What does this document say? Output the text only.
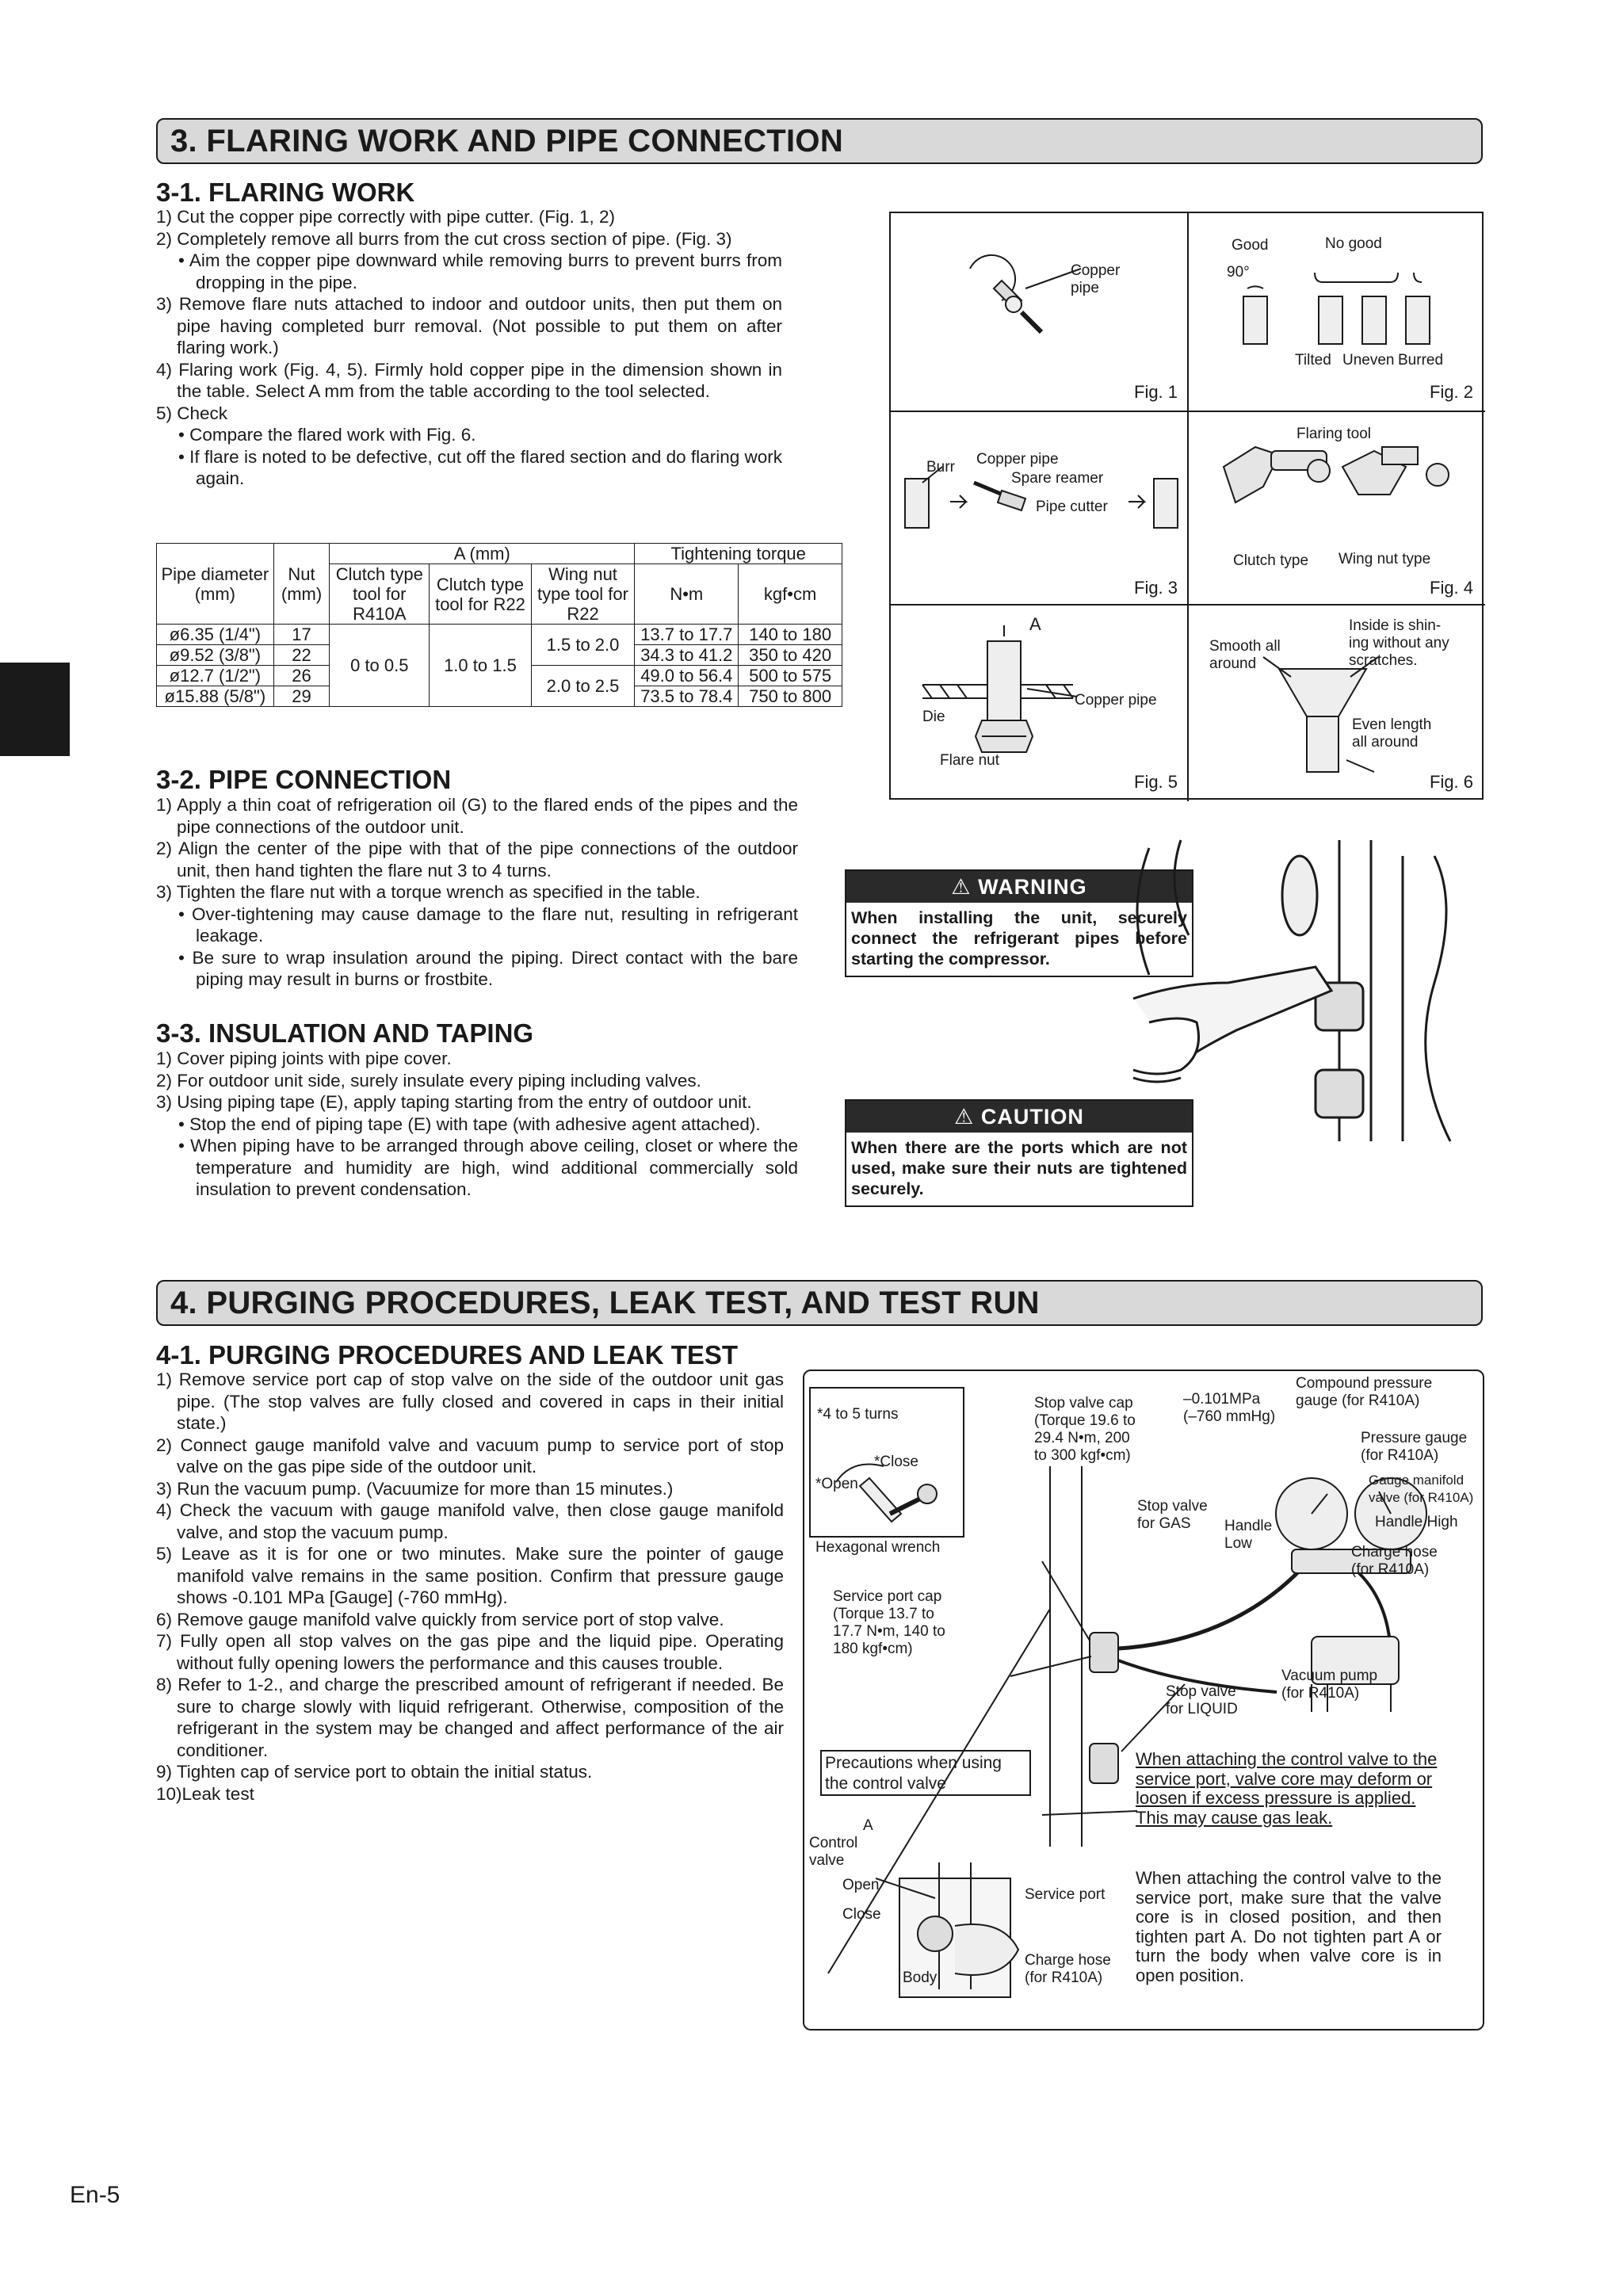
3. FLARING WORK AND PIPE CONNECTION
3-1. FLARING WORK

1) Cut the copper pipe correctly with pipe cutter. (Fig. 1, 2)

2) Completely remove all burrs from the cut cross section of pipe. (Fig. 3)

• Aim the copper pipe downward while removing burrs to prevent burrs from dropping in the pipe.

3) Remove flare nuts attached to indoor and outdoor units, then put them on pipe having completed burr removal. (Not possible to put them on after flaring work.)

4) Flaring work (Fig. 4, 5). Firmly hold copper pipe in the dimension shown in the table. Select A mm from the table according to the tool selected.

5) Check

• Compare the flared work with Fig. 6.

• If flare is noted to be defective, cut off the flared section and do flaring work again.

Pipe diameter (mm)	Nut (mm)	A (mm)			Tightening torque	
		Clutch type tool for R410A	Clutch type tool for R22	Wing nut type tool for R22	N•m	kgf•cm

ø6.35 (1/4")	17	0 to 0.5	1.0 to 1.5	1.5 to 2.0	13.7 to 17.7	140 to 180
ø9.52 (3/8")	22				34.3 to 41.2	350 to 420
ø12.7 (1/2")	26			2.0 to 2.5	49.0 to 56.4	500 to 575
ø15.88 (5/8")	29				73.5 to 78.4	750 to 800
3-2. PIPE CONNECTION

1) Apply a thin coat of refrigeration oil (G) to the flared ends of the pipes and the pipe connections of the outdoor unit.

2) Align the center of the pipe with that of the pipe connections of the outdoor unit, then hand tighten the flare nut 3 to 4 turns.

3) Tighten the flare nut with a torque wrench as specified in the table.

• Over-tightening may cause damage to the flare nut, resulting in refrigerant leakage.

• Be sure to wrap insulation around the piping. Direct contact with the bare piping may result in burns or frostbite.

3-3. INSULATION AND TAPING

1) Cover piping joints with pipe cover.

2) For outdoor unit side, surely insulate every piping including valves.

3) Using piping tape (E), apply taping starting from the entry of outdoor unit.

• Stop the end of piping tape (E) with tape (with adhesive agent attached).

• When piping have to be arranged through above ceiling, closet or where the temperature and humidity are high, wind additional commercially sold insulation to prevent condensation.

Copper
pipe
Fig. 1
Good	No good
90°
Tilted Uneven Burred
Fig. 2
Burr Copper pipe
Spare reamer
Pipe cutter
Fig. 3
Flaring tool
Clutch type Wing nut type
Fig. 4
A
Die
Flare nut
Copper pipe
Fig. 5
Smooth all
around
Inside is shin-
ing without any
scratches.
Even length
all around
Fig. 6
⚠ WARNING
When installing the unit, securely connect the refrigerant pipes before starting the compressor.
⚠ CAUTION
When there are the ports which are not used, make sure their nuts are tightened securely.
4. PURGING PROCEDURES, LEAK TEST, AND TEST RUN
4-1. PURGING PROCEDURES AND LEAK TEST

1) Remove service port cap of stop valve on the side of the outdoor unit gas pipe. (The stop valves are fully closed and covered in caps in their initial state.)

2) Connect gauge manifold valve and vacuum pump to service port of stop valve on the gas pipe side of the outdoor unit.

3) Run the vacuum pump. (Vacuumize for more than 15 minutes.)

4) Check the vacuum with gauge manifold valve, then close gauge manifold valve, and stop the vacuum pump.

5) Leave as it is for one or two minutes. Make sure the pointer of gauge manifold valve remains in the same position. Confirm that pressure gauge shows -0.101 MPa [Gauge] (-760 mmHg).

6) Remove gauge manifold valve quickly from service port of stop valve.

7) Fully open all stop valves on the gas pipe and the liquid pipe. Operating without fully opening lowers the performance and this causes trouble.

8) Refer to 1-2., and charge the prescribed amount of refrigerant if needed. Be sure to charge slowly with liquid refrigerant. Otherwise, composition of the refrigerant in the system may be changed and affect performance of the air conditioner.

9) Tighten cap of service port to obtain the initial status.

10)Leak test

*4 to 5 turns
*Close
*Open
Hexagonal wrench
Stop valve cap
(Torque 19.6 to
29.4 N•m, 200
to 300 kgf•cm)
–0.101MPa
(–760 mmHg)
Compound pressure
gauge (for R410A)
Pressure gauge
(for R410A)
Gauge manifold
valve (for R410A)
Stop valve
for GAS Handle
Low
Handle High
Charge hose
(for R410A)
Service port cap
(Torque 13.7 to
17.7 N•m, 140 to
180 kgf•cm)
Vacuum pump
(for R410A)
Stop valve
for LIQUID
Precautions when using
the control valve
A
Control
valve
Open
Close
Service port
Body
Charge hose
(for R410A)
When attaching the control valve to the service port, valve core may deform or loosen if excess pressure is applied. This may cause gas leak.
When attaching the control valve to the service port, make sure that the valve core is in closed position, and then tighten part A. Do not tighten part A or turn the body when valve core is in open position.
En-5
